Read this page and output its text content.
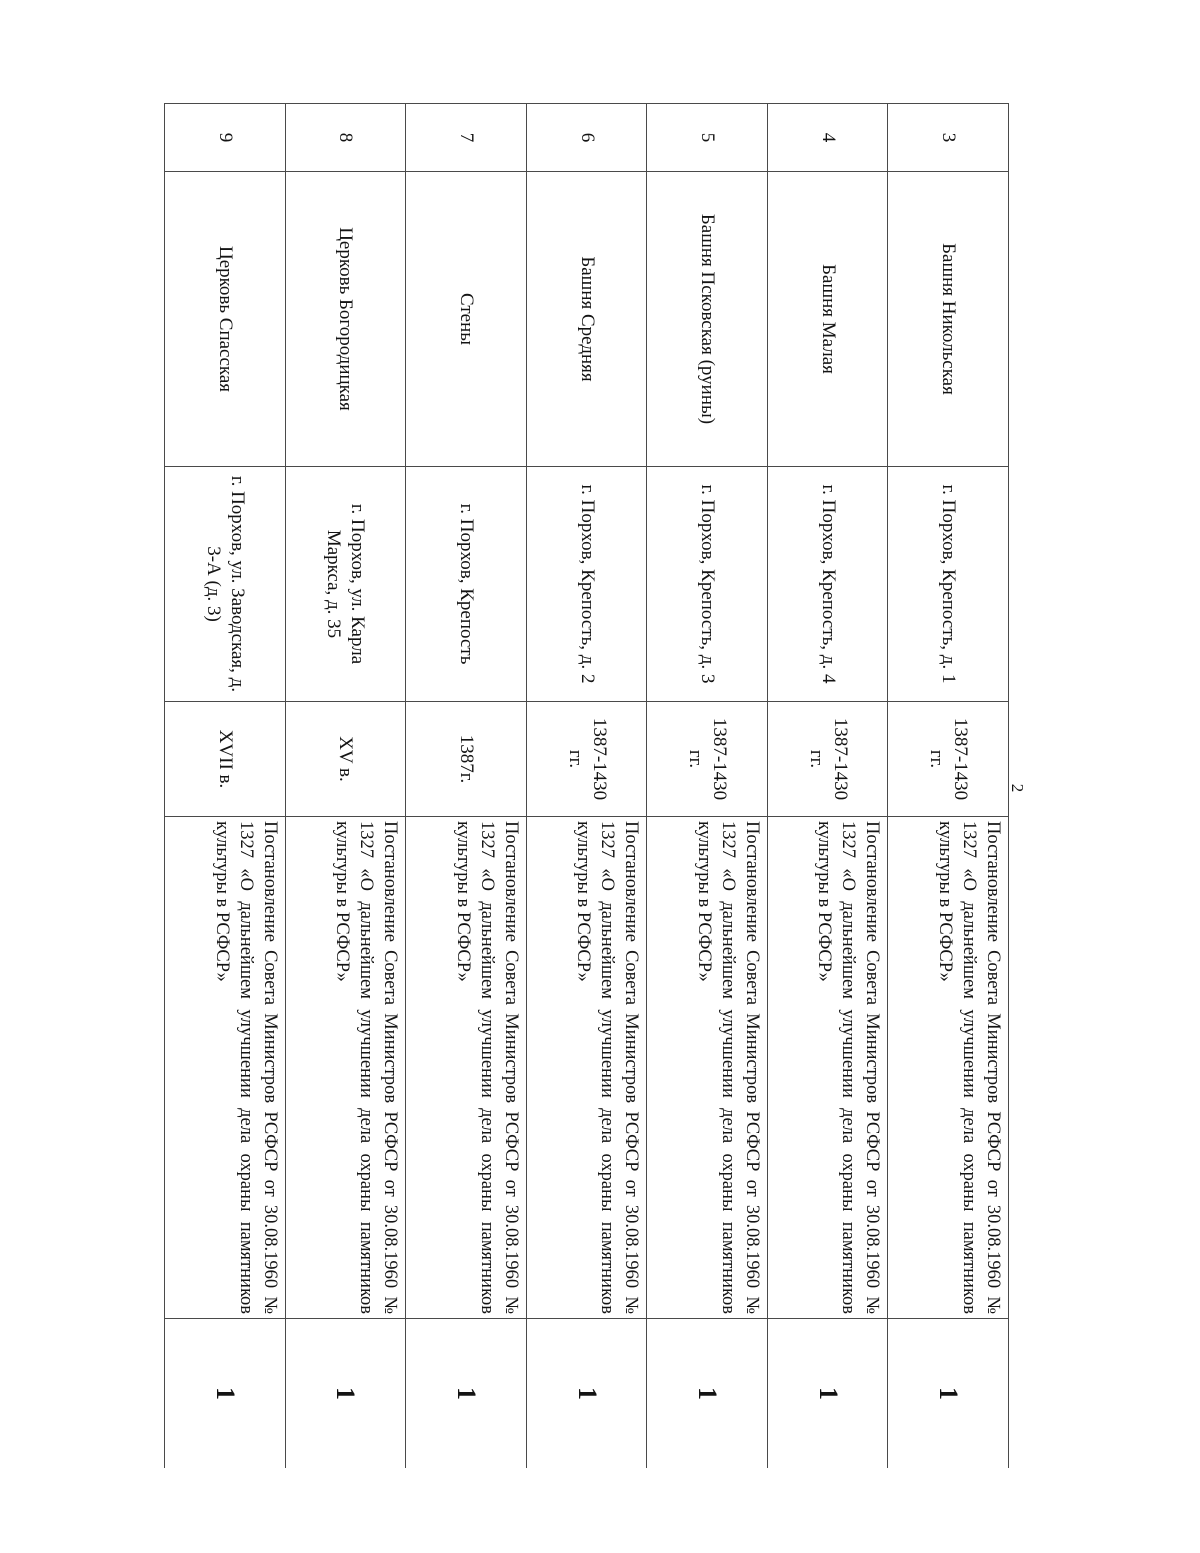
2
3	Башня Никольская	г. Порхов, Крепость, д. 1	1387-1430 гг.	Постановление Совета Министров РСФСР от 30.08.1960 № 1327 «О дальнейшем улучшении дела охраны памятников культуры в РСФСР»	1
4	Башня Малая	г. Порхов, Крепость, д. 4	1387-1430 гг.	Постановление Совета Министров РСФСР от 30.08.1960 № 1327 «О дальнейшем улучшении дела охраны памятников культуры в РСФСР»	1
5	Башня Псковская (руины)	г. Порхов, Крепость, д. 3	1387-1430 гг.	Постановление Совета Министров РСФСР от 30.08.1960 № 1327 «О дальнейшем улучшении дела охраны памятников культуры в РСФСР»	1
6	Башня Средняя	г. Порхов, Крепость, д. 2	1387-1430 гг.	Постановление Совета Министров РСФСР от 30.08.1960 № 1327 «О дальнейшем улучшении дела охраны памятников культуры в РСФСР»	1
7	Стены	г. Порхов, Крепость	1387г.	Постановление Совета Министров РСФСР от 30.08.1960 № 1327 «О дальнейшем улучшении дела охраны памятников культуры в РСФСР»	1
8	Церковь Богородицкая	г. Порхов, ул. Карла Маркса, д. 35	XV в.	Постановление Совета Министров РСФСР от 30.08.1960 № 1327 «О дальнейшем улучшении дела охраны памятников культуры в РСФСР»	1
9	Церковь Спасская	г. Порхов, ул. Заводская, д. 3-А (д. 3)	XVII в.	Постановление Совета Министров РСФСР от 30.08.1960 № 1327 «О дальнейшем улучшении дела охраны памятников культуры в РСФСР»	1
